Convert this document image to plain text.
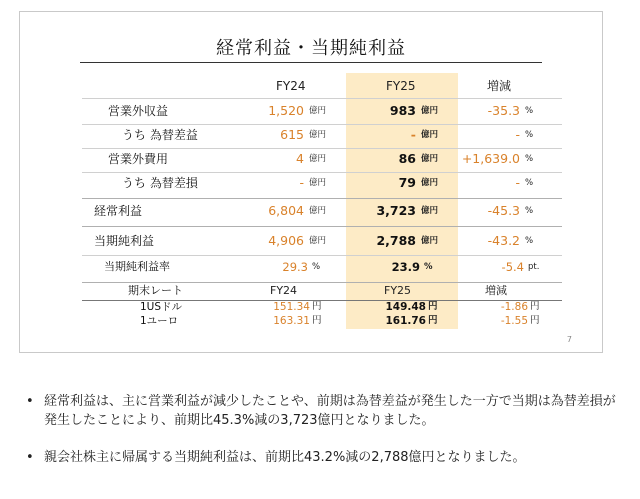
経常利益・当期純利益
FY24	FY25	増減
営業外収益	1,520 億円	983 億円	-35.3 %
うち 為替差益	615 億円	- 億円	- %
営業外費用	4 億円	86 億円 +1,639.0 %
うち 為替差損	- 億円	79 億円	- %
経常利益	6,804 億円	3,723 億円	-45.3 %
当期純利益	4,906 億円	2,788 億円	-43.2 %
当期純利益率	29.3 %	23.9 %	-5.4 pt.
期末レート	FY24	FY25	増減
1USドル	151.34 円	149.48 円	-1.86 円
1ユーロ	163.31 円	161.76 円	-1.55 円
7
• 経常利益は、主に営業利益が減少したことや、前期は為替差益が発生した一方で当期は為替差損が発生したことにより、前期比45.3%減の3,723億円となりました。
• 親会社株主に帰属する当期純利益は、前期比43.2%減の2,788億円となりました。
